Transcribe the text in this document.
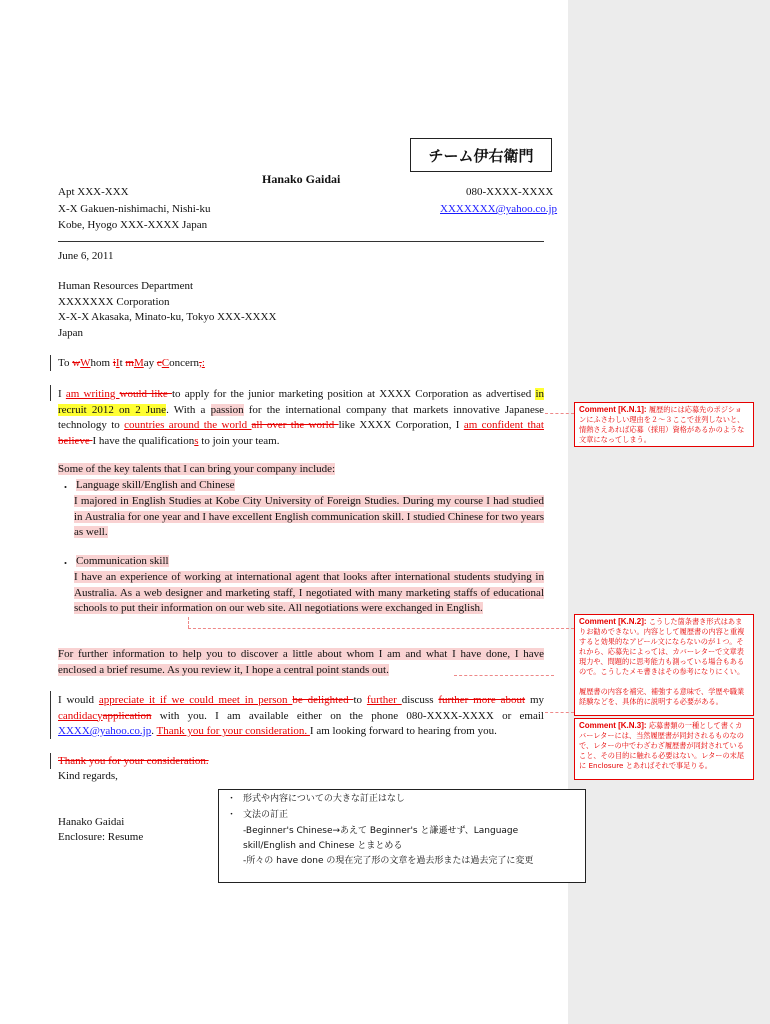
チーム伊右衛門
Hanako Gaidai
Apt XXX-XXX
X-X Gakuen-nishimachi, Nishi-ku
Kobe, Hyogo XXX-XXXX Japan
080-XXXX-XXXX
XXXXXXX@yahoo.co.jp
June 6, 2011
Human Resources Department
XXXXXXX Corporation
X-X-X Akasaka, Minato-ku, Tokyo XXX-XXXX
Japan
To wWhom iIt mMay cConcern,:
I am writing would like to apply for the junior marketing position at XXXX Corporation as advertised in recruit 2012 on 2 June. With a passion for the international company that markets innovative Japanese technology to countries around the world all over the world like XXXX Corporation, I am confident that believe I have the qualifications to join your team.
Some of the key talents that I can bring your company include:
・ Language skill/English and Chinese
I majored in English Studies at Kobe City University of Foreign Studies. During my course I had studied in Australia for one year and I have excellent English communication skill. I studied Chinese for two years as well.
・ Communication skill
I have an experience of working at international agent that looks after international students studying in Australia. As a web designer and marketing staff, I negotiated with many marketing staffs of educational schools to put their information on our web site. All negotiations were exchanged in English.
For further information to help you to discover a little about whom I am and what I have done, I have enclosed a brief resume. As you review it, I hope a central point stands out.
I would appreciate it if we could meet in person be delighted to further discuss further more about my candidacyapplication with you. I am available either on the phone 080-XXXX-XXXX or email XXXX@yahoo.co.jp. Thank you for your consideration. I am looking forward to hearing from you.
Thank you for your consideration.
Kind regards,
Hanako Gaidai
Enclosure: Resume
Comment [K.N.1]: 履歴的には応募先のポジションにふさわしい理由を２～３ここで並列しないと、情熱さえあれば応募（採用）資格があるかのような文章になってしまう。
Comment [K.N.2]: こうした箇条書き形式はあまりお勧めできない。内容として履歴書の内容と重複すると効果的なアピール文にならないのが１つ。それから、応募先によっては、カバーレターで文章表現力や、問題的に思考能力も測っている場合もあるので。こうしたメモ書きはその参考になりにくい。

履歴書の内容を補完、補強する意味で、学歴や職業経験などを、具体的に説明する必要がある。
Comment [K.N.3]: 応募書類の一種として書くカバーレターには、当然履歴書が同封されるものなので、レターの中でわざわざ履歴書が同封されていること、その目的に触れる必要はない。レターの末尾に Enclosure とあればそれで事足りる。
・ 形式や内容についての大きな訂正はなし
・ 文法の訂正
-Beginner's Chinese→あえて Beginner's と謙遜せず、Language
skill/English and Chinese とまとめる
-所々の have done の現在完了形の文章を過去形または過去完了に変更
